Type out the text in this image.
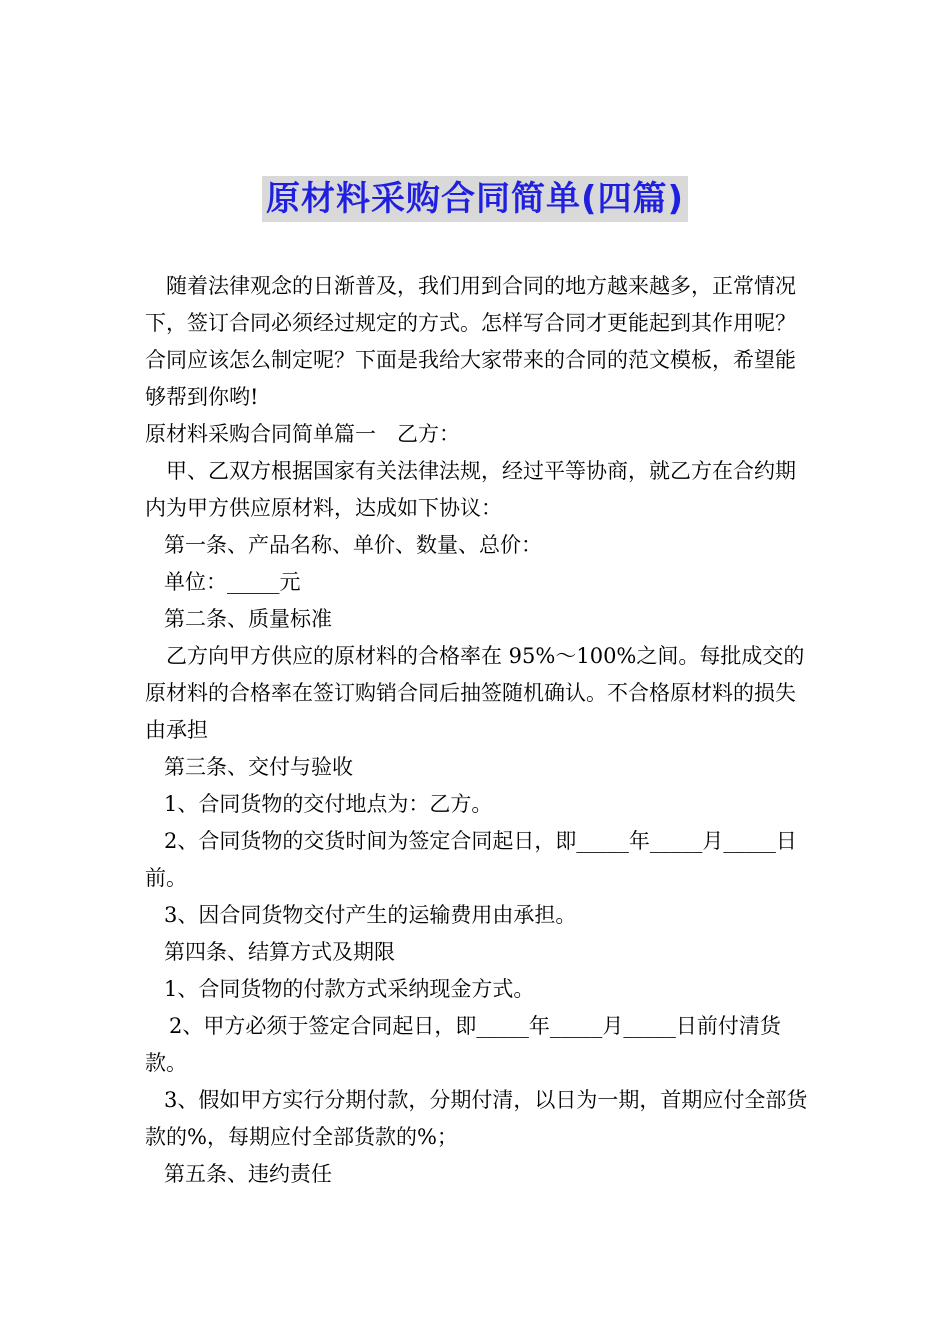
原材料采购合同简单(四篇)

随着法律观念的日渐普及，我们用到合同的地方越来越多，正常情况下，签订合同必须经过规定的方式。怎样写合同才更能起到其作用呢？合同应该怎么制定呢？下面是我给大家带来的合同的范文模板，希望能够帮到你哟!

原材料采购合同简单篇一　乙方：

甲、乙双方根据国家有关法律法规，经过平等协商，就乙方在合约期内为甲方供应原材料，达成如下协议：

第一条、产品名称、单价、数量、总价：

单位：_____元

第二条、质量标准

乙方向甲方供应的原材料的合格率在 95%～100%之间。每批成交的原材料的合格率在签订购销合同后抽签随机确认。不合格原材料的损失由承担

第三条、交付与验收

1、合同货物的交付地点为：乙方。

2、合同货物的交货时间为签定合同起日，即_____年_____月_____日前。

3、因合同货物交付产生的运输费用由承担。

第四条、结算方式及期限

1、合同货物的付款方式采纳现金方式。

2、甲方必须于签定合同起日，即_____年_____月_____日前付清货款。

3、假如甲方实行分期付款，分期付清，以日为一期，首期应付全部货款的%，每期应付全部货款的%；

第五条、违约责任
